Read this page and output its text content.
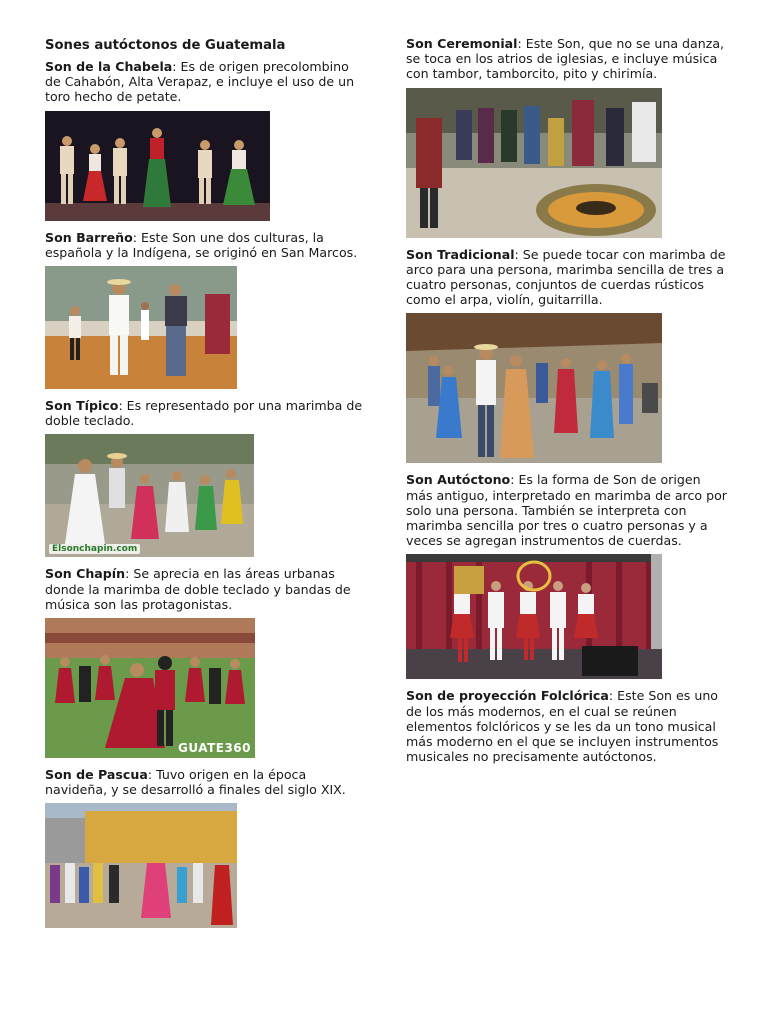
Sones autóctonos de Guatemala

Son de la Chabela: Es de origen precolombino de Cahabón, Alta Verapaz, e incluye el uso de un toro hecho de petate.

Son Barreño: Este Son une dos culturas, la española y la Indígena, se originó en San Marcos.

Son Típico: Es representado por una marimba de doble teclado.

Elsonchapin.com

Son Chapín: Se aprecia en las áreas urbanas donde la marimba de doble teclado y bandas de música son las protagonistas.

GUATE360

Son de Pascua: Tuvo origen en la época navideña, y se desarrolló a finales del siglo XIX.

Son Ceremonial: Este Son, que no se una danza, se toca en los atrios de iglesias, e incluye música con tambor, tamborcito, pito y chirimía.

Son Tradicional: Se puede tocar con marimba de arco para una persona, marimba sencilla de tres a cuatro personas, conjuntos de cuerdas rústicos como el arpa, violín, guitarrilla.

Son Autóctono: Es la forma de Son de origen más antiguo, interpretado en marimba de arco por solo una persona. También se interpreta con marimba sencilla por tres o cuatro personas y a veces se agregan instrumentos de cuerdas.

Son de proyección Folclórica: Este Son es uno de los más modernos, en el cual se reúnen elementos folclóricos y se les da un tono musical más moderno en el que se incluyen instrumentos musicales no precisamente autóctonos.
